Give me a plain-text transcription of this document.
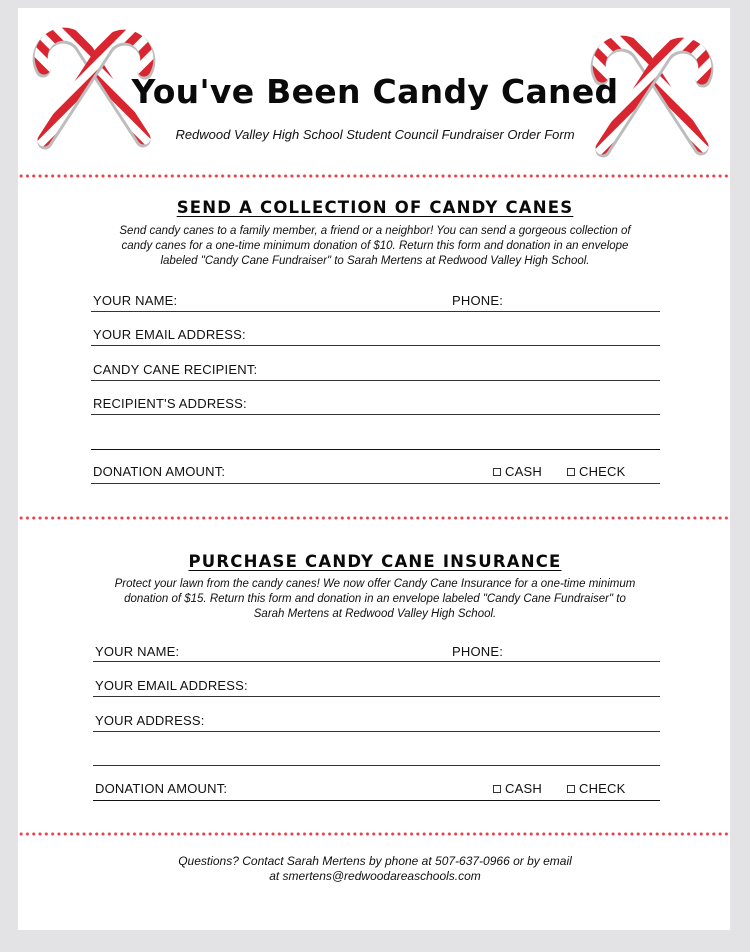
You've Been Candy Caned
Redwood Valley High School Student Council Fundraiser Order Form
SEND A COLLECTION OF CANDY CANES
Send candy canes to a family member, a friend or a neighbor! You can send a gorgeous collection of candy canes for a one-time minimum donation of $10. Return this form and donation in an envelope labeled "Candy Cane Fundraiser" to Sarah Mertens at Redwood Valley High School.
YOUR NAME:	PHONE:
YOUR EMAIL ADDRESS:
CANDY CANE RECIPIENT:
RECIPIENT'S ADDRESS:
DONATION AMOUNT:	CASH	CHECK
PURCHASE CANDY CANE INSURANCE
Protect your lawn from the candy canes! We now offer Candy Cane Insurance for a one-time minimum donation of $15. Return this form and donation in an envelope labeled "Candy Cane Fundraiser" to Sarah Mertens at Redwood Valley High School.
YOUR NAME:	PHONE:
YOUR EMAIL ADDRESS:
YOUR ADDRESS:
DONATION AMOUNT:	CASH	CHECK
Questions? Contact Sarah Mertens by phone at 507-637-0966 or by email
at smertens@redwoodareaschools.com
